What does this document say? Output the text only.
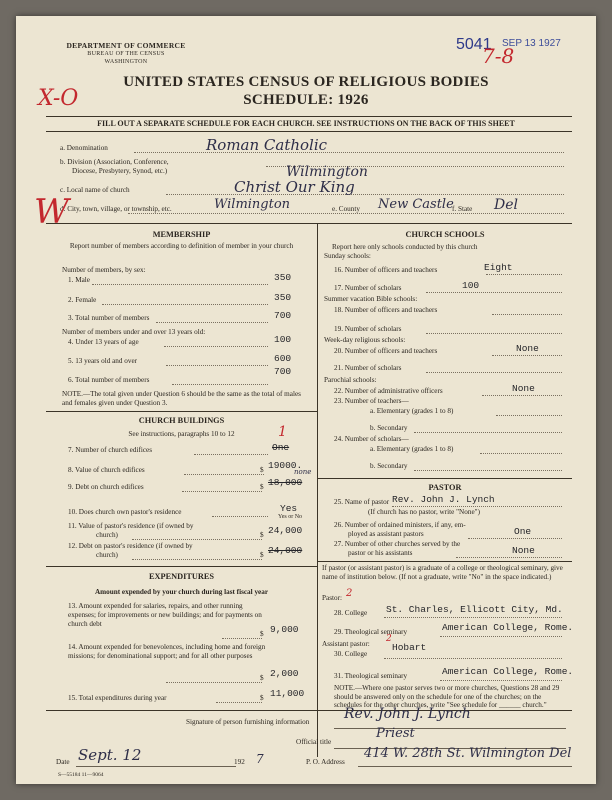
DEPARTMENT OF COMMERCE
BUREAU OF THE CENSUS
WASHINGTON
5041 SEP 13 1927
7-8
UNITED STATES CENSUS OF RELIGIOUS BODIES
SCHEDULE: 1926
X-O
FILL OUT A SEPARATE SCHEDULE FOR EACH CHURCH. SEE INSTRUCTIONS ON THE BACK OF THIS SHEET
a. Denomination	Roman Catholic
b. Division (Association, Conference,
Diocese, Presbytery, Synod, etc.)	Wilmington
c. Local name of church	Christ Our King
d. City, town, village, or township, etc.	Wilmington	e. County New Castle
f. State Del
W
MEMBERSHIP
Report number of members according to definition of member in your church
Number of members, by sex:
1. Male	350
2. Female	350
3. Total number of members	700
Number of members under and over 13 years old:
4. Under 13 years of age	100
5. 13 years old and over	600
6. Total number of members
700
NOTE.—The total given under Question 6 should be the same as the total of males and females given under Question 3.
CHURCH BUILDINGS
See instructions, paragraphs 10 to 12	1
7. Number of church edifices	One
8. Value of church edifices	$ 19000.
9. Debt on church edifices	$ 18,000
none
10. Does church own pastor's residence	Yes
Yes or No
11. Value of pastor's residence (if owned by
church)	$ 24,000
12. Debt on pastor's residence (if owned by
church)	$ 24,000
EXPENDITURES
Amount expended by your church during last fiscal year
13. Amount expended for salaries, repairs, and other running expenses; for improvements or new buildings; and for payments on church debt
$ 9,000
14. Amount expended for benevolences, including home and foreign missions; for denominational support; and for all other purposes
$ 2,000
15. Total expenditures during year	$ 11,000
CHURCH SCHOOLS
Report here only schools conducted by this church
Sunday schools:
16. Number of officers and teachers	Eight
17. Number of scholars	100
Summer vacation Bible schools:
18. Number of officers and teachers
19. Number of scholars
Week-day religious schools:
20. Number of officers and teachers	None
21. Number of scholars
Parochial schools:
22. Number of administrative officers	None
23. Number of teachers—
a. Elementary (grades 1 to 8)
b. Secondary
24. Number of scholars—
a. Elementary (grades 1 to 8)
b. Secondary
PASTOR
25. Name of pastor Rev. John J. Lynch
(If church has no pastor, write "None")
26. Number of ordained ministers, if any, em-
ployed as assistant pastors	One
27. Number of other churches served by the
pastor or his assistants	None
If pastor (or assistant pastor) is a graduate of a college or theological seminary, give name of institution below. (If not a graduate, write "No" in the space indicated.)
Pastor: 2
28. College St. Charles, Ellicott City, Md.
29. Theological seminary	American College, Rome.
Assistant pastor: 2
30. College
Hobart
31. Theological seminary	American College, Rome.
NOTE.—Where one pastor serves two or more churches, Questions 28 and 29 should be answered only on the schedule for one of the churches; on the schedules for the other churches, write "See schedule for ______ church."
Signature of person furnishing information Rev. John J. Lynch
Official title
Priest
Date Sept. 12	192 7	P. O. Address
414 W. 28th St. Wilmington Del
S—55184 11—9064
